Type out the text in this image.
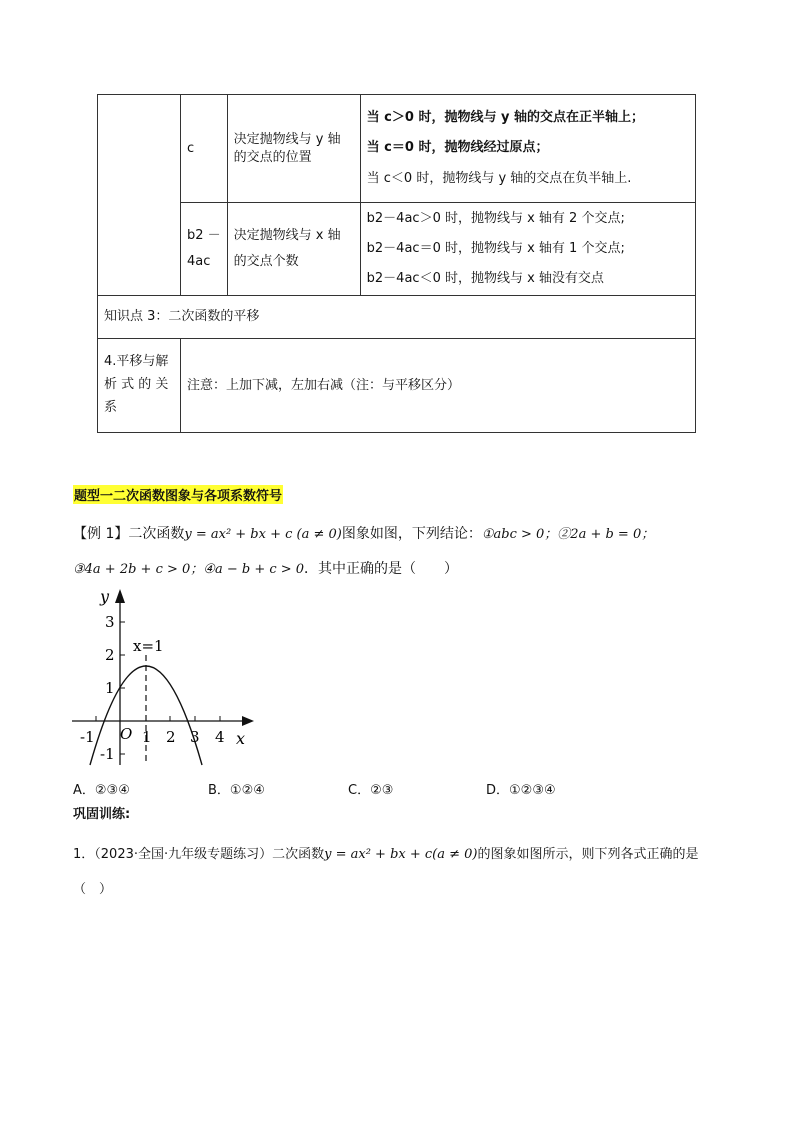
	c	决定抛物线与 y 轴
的交点的位置	当 c＞0 时，抛物线与 y 轴的交点在正半轴上；
当 c＝0 时，抛物线经过原点；
当 c＜0 时，抛物线与 y 轴的交点在负半轴上.

	b2 －
4ac	决定抛物线与 x 轴
的交点个数	b2－4ac＞0 时，抛物线与 x 轴有 2 个交点;
b2－4ac＝0 时，抛物线与 x 轴有 1 个交点;
b2－4ac＜0 时，抛物线与 x 轴没有交点

知识点 3：二次函数的平移			

4.平移与解
析 式 的 关
系	注意：上加下减，左加右减（注：与平移区分）		
题型一二次函数图象与各项系数符号
【例 1】二次函数y = ax² + bx + c (a ≠ 0)图象如图，下列结论：①abc > 0；②2a + b = 0；
③4a + 2b + c > 0；④a − b + c > 0．其中正确的是（　　）
y
x
O
x=1
3
2
1
-1
-1	1 2 3 4
A．②③④	B．①②④	C．②③	D．①②③④
巩固训练:
1．（2023·全国·九年级专题练习）二次函数y = ax² + bx + c(a ≠ 0)的图象如图所示，则下列各式正确的是
（　）
